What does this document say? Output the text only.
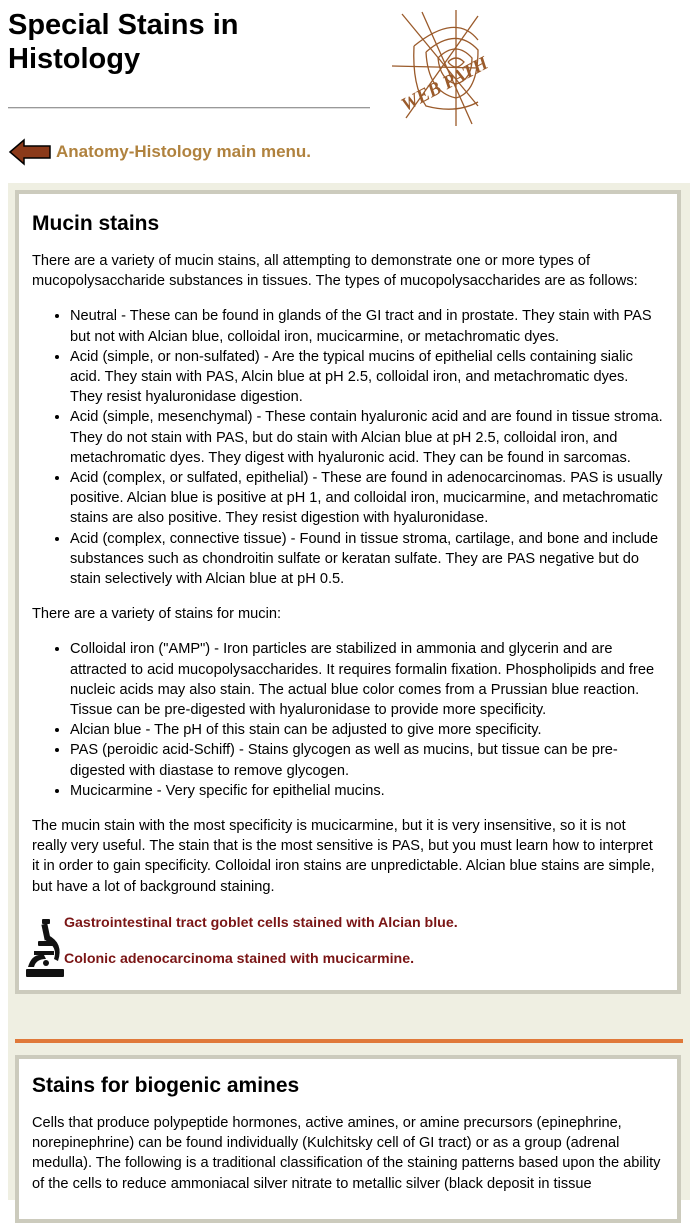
Special Stains in
Histology	WEB PATH
Anatomy-Histology main menu.
Mucin stains

There are a variety of mucin stains, all attempting to demonstrate one or more types of mucopolysaccharide substances in tissues. The types of mucopolysaccharides are as follows:

• Neutral - These can be found in glands of the GI tract and in prostate. They stain with PAS but not with Alcian blue, colloidal iron, mucicarmine, or metachromatic dyes.
• Acid (simple, or non-sulfated) - Are the typical mucins of epithelial cells containing sialic acid. They stain with PAS, Alcin blue at pH 2.5, colloidal iron, and metachromatic dyes. They resist hyaluronidase digestion.
• Acid (simple, mesenchymal) - These contain hyaluronic acid and are found in tissue stroma. They do not stain with PAS, but do stain with Alcian blue at pH 2.5, colloidal iron, and metachromatic dyes. They digest with hyaluronic acid. They can be found in sarcomas.
• Acid (complex, or sulfated, epithelial) - These are found in adenocarcinomas. PAS is usually positive. Alcian blue is positive at pH 1, and colloidal iron, mucicarmine, and metachromatic stains are also positive. They resist digestion with hyaluronidase.
• Acid (complex, connective tissue) - Found in tissue stroma, cartilage, and bone and include substances such as chondroitin sulfate or keratan sulfate. They are PAS negative but do stain selectively with Alcian blue at pH 0.5.

There are a variety of stains for mucin:

• Colloidal iron ("AMP") - Iron particles are stabilized in ammonia and glycerin and are attracted to acid mucopolysaccharides. It requires formalin fixation. Phospholipids and free nucleic acids may also stain. The actual blue color comes from a Prussian blue reaction. Tissue can be pre-digested with hyaluronidase to provide more specificity.
• Alcian blue - The pH of this stain can be adjusted to give more specificity.
• PAS (peroidic acid-Schiff) - Stains glycogen as well as mucins, but tissue can be pre-digested with diastase to remove glycogen.
• Mucicarmine - Very specific for epithelial mucins.

The mucin stain with the most specificity is mucicarmine, but it is very insensitive, so it is not really very useful. The stain that is the most sensitive is PAS, but you must learn how to interpret it in order to gain specificity. Colloidal iron stains are unpredictable. Alcian blue stains are simple, but have a lot of background staining.

Gastrointestinal tract goblet cells stained with Alcian blue.
Colonic adenocarcinoma stained with mucicarmine.
Stains for biogenic amines

Cells that produce polypeptide hormones, active amines, or amine precursors (epinephrine, norepinephrine) can be found individually (Kulchitsky cell of GI tract) or as a group (adrenal medulla). The following is a traditional classification of the staining patterns based upon the ability of the cells to reduce ammoniacal silver nitrate to metallic silver (black deposit in tissue
